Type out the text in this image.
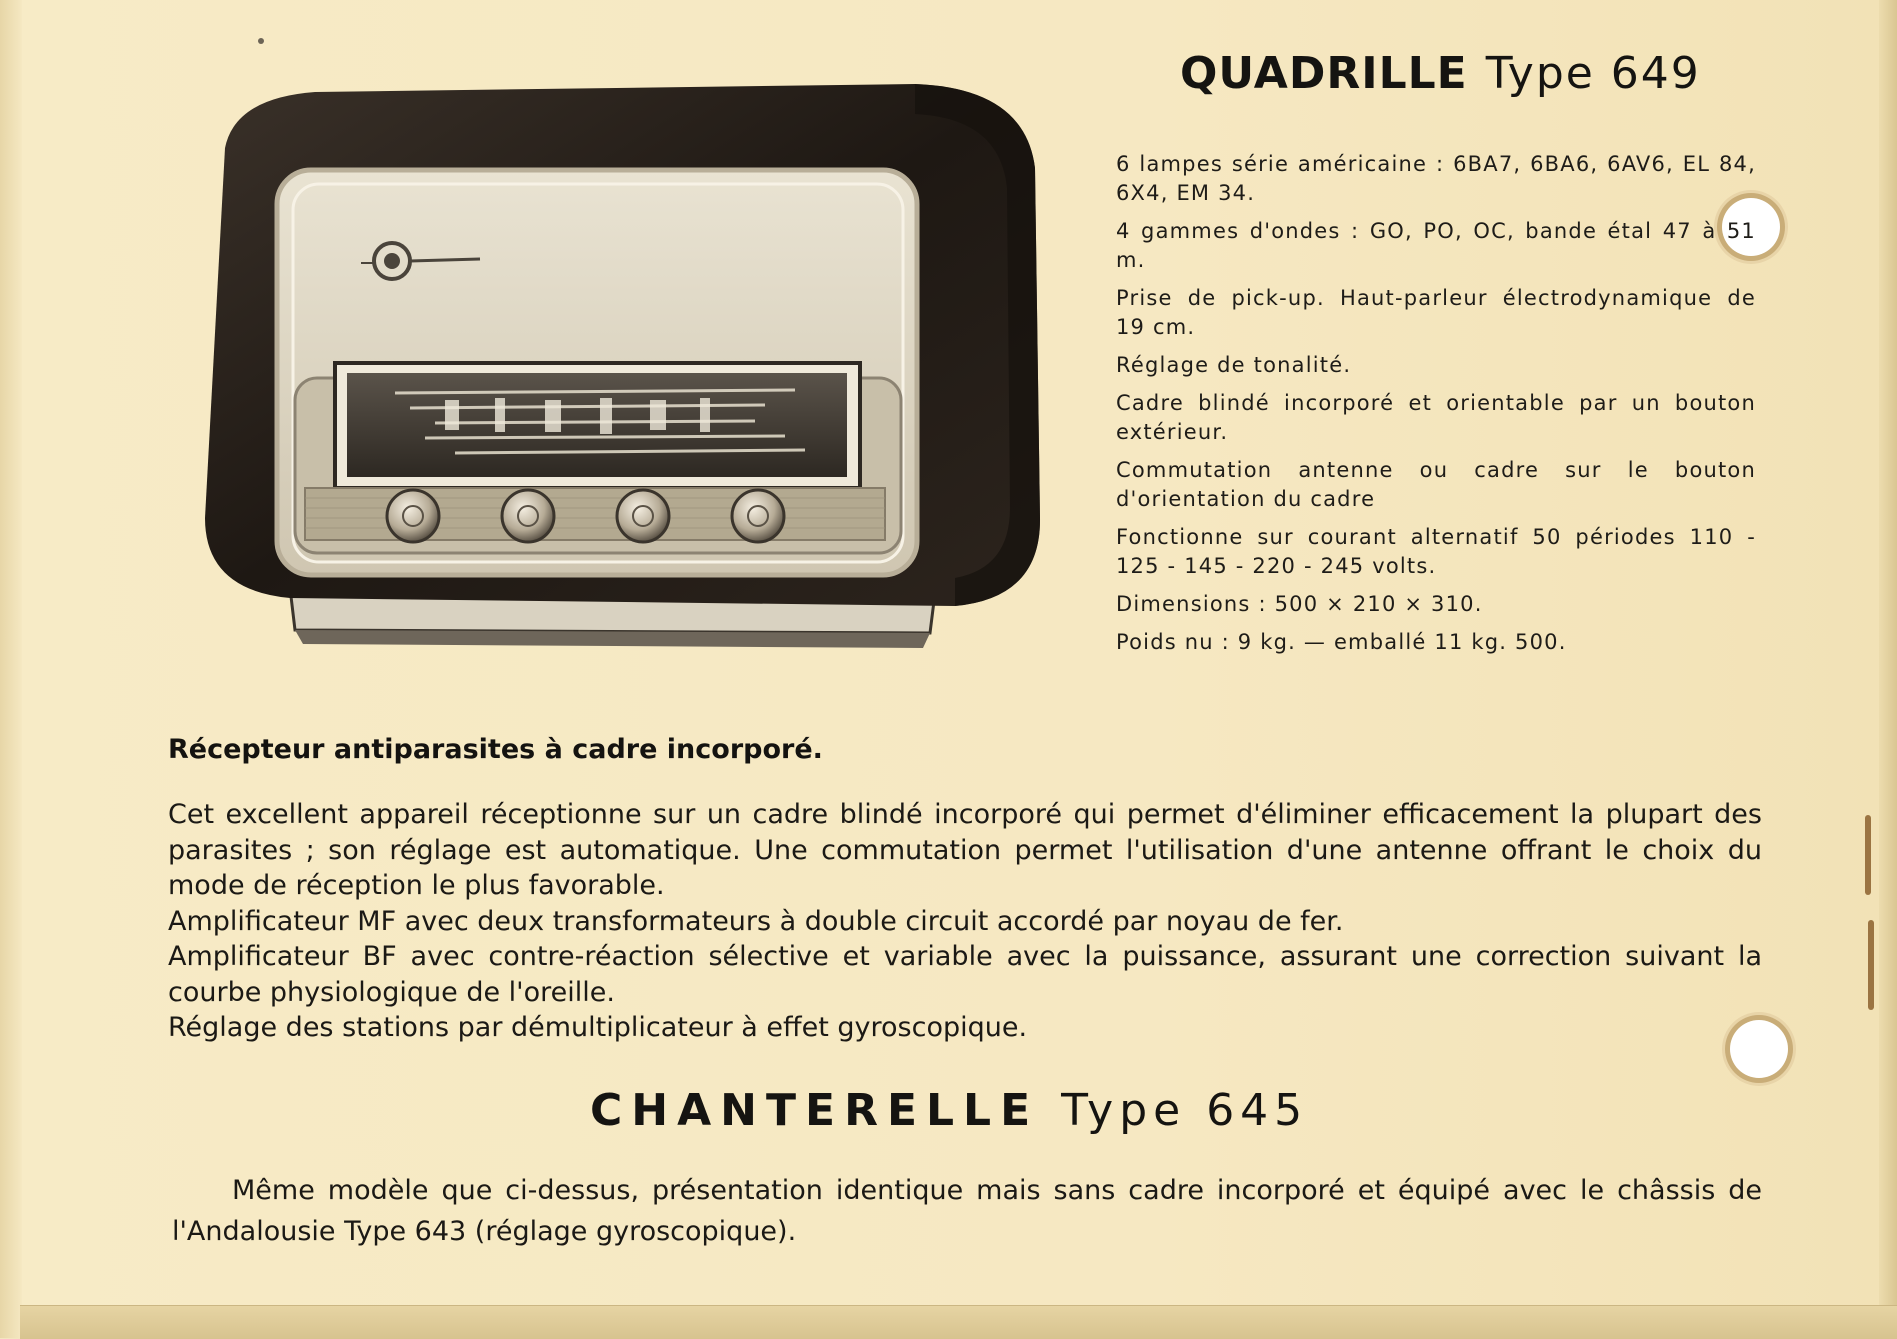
QUADRILLE Type 649

6 lampes série américaine : 6BA7, 6BA6, 6AV6, EL 84, 6X4, EM 34.

4 gammes d'ondes : GO, PO, OC, bande étal 47 à 51 m.

Prise de pick-up. Haut-parleur électrodynamique de 19 cm.

Réglage de tonalité.

Cadre blindé incorporé et orientable par un bouton extérieur.

Commutation antenne ou cadre sur le bouton d'orientation du cadre

Fonctionne sur courant alternatif 50 périodes 110 - 125 - 145 - 220 - 245 volts.

Dimensions : 500 × 210 × 310.

Poids nu : 9 kg. — emballé 11 kg. 500.

Récepteur antiparasites à cadre incorporé.

Cet excellent appareil réceptionne sur un cadre blindé incorporé qui permet d'éliminer efficacement la plupart des parasites ; son réglage est automatique. Une commutation permet l'utilisation d'une antenne offrant le choix du mode de réception le plus favorable.

Amplificateur MF avec deux transformateurs à double circuit accordé par noyau de fer.

Amplificateur BF avec contre-réaction sélective et variable avec la puissance, assurant une correction suivant la courbe physiologique de l'oreille.

Réglage des stations par démultiplicateur à effet gyroscopique.

CHANTERELLE Type 645

Même modèle que ci-dessus, présentation identique mais sans cadre incorporé et équipé avec le châssis de l'Andalousie Type 643 (réglage gyroscopique).
